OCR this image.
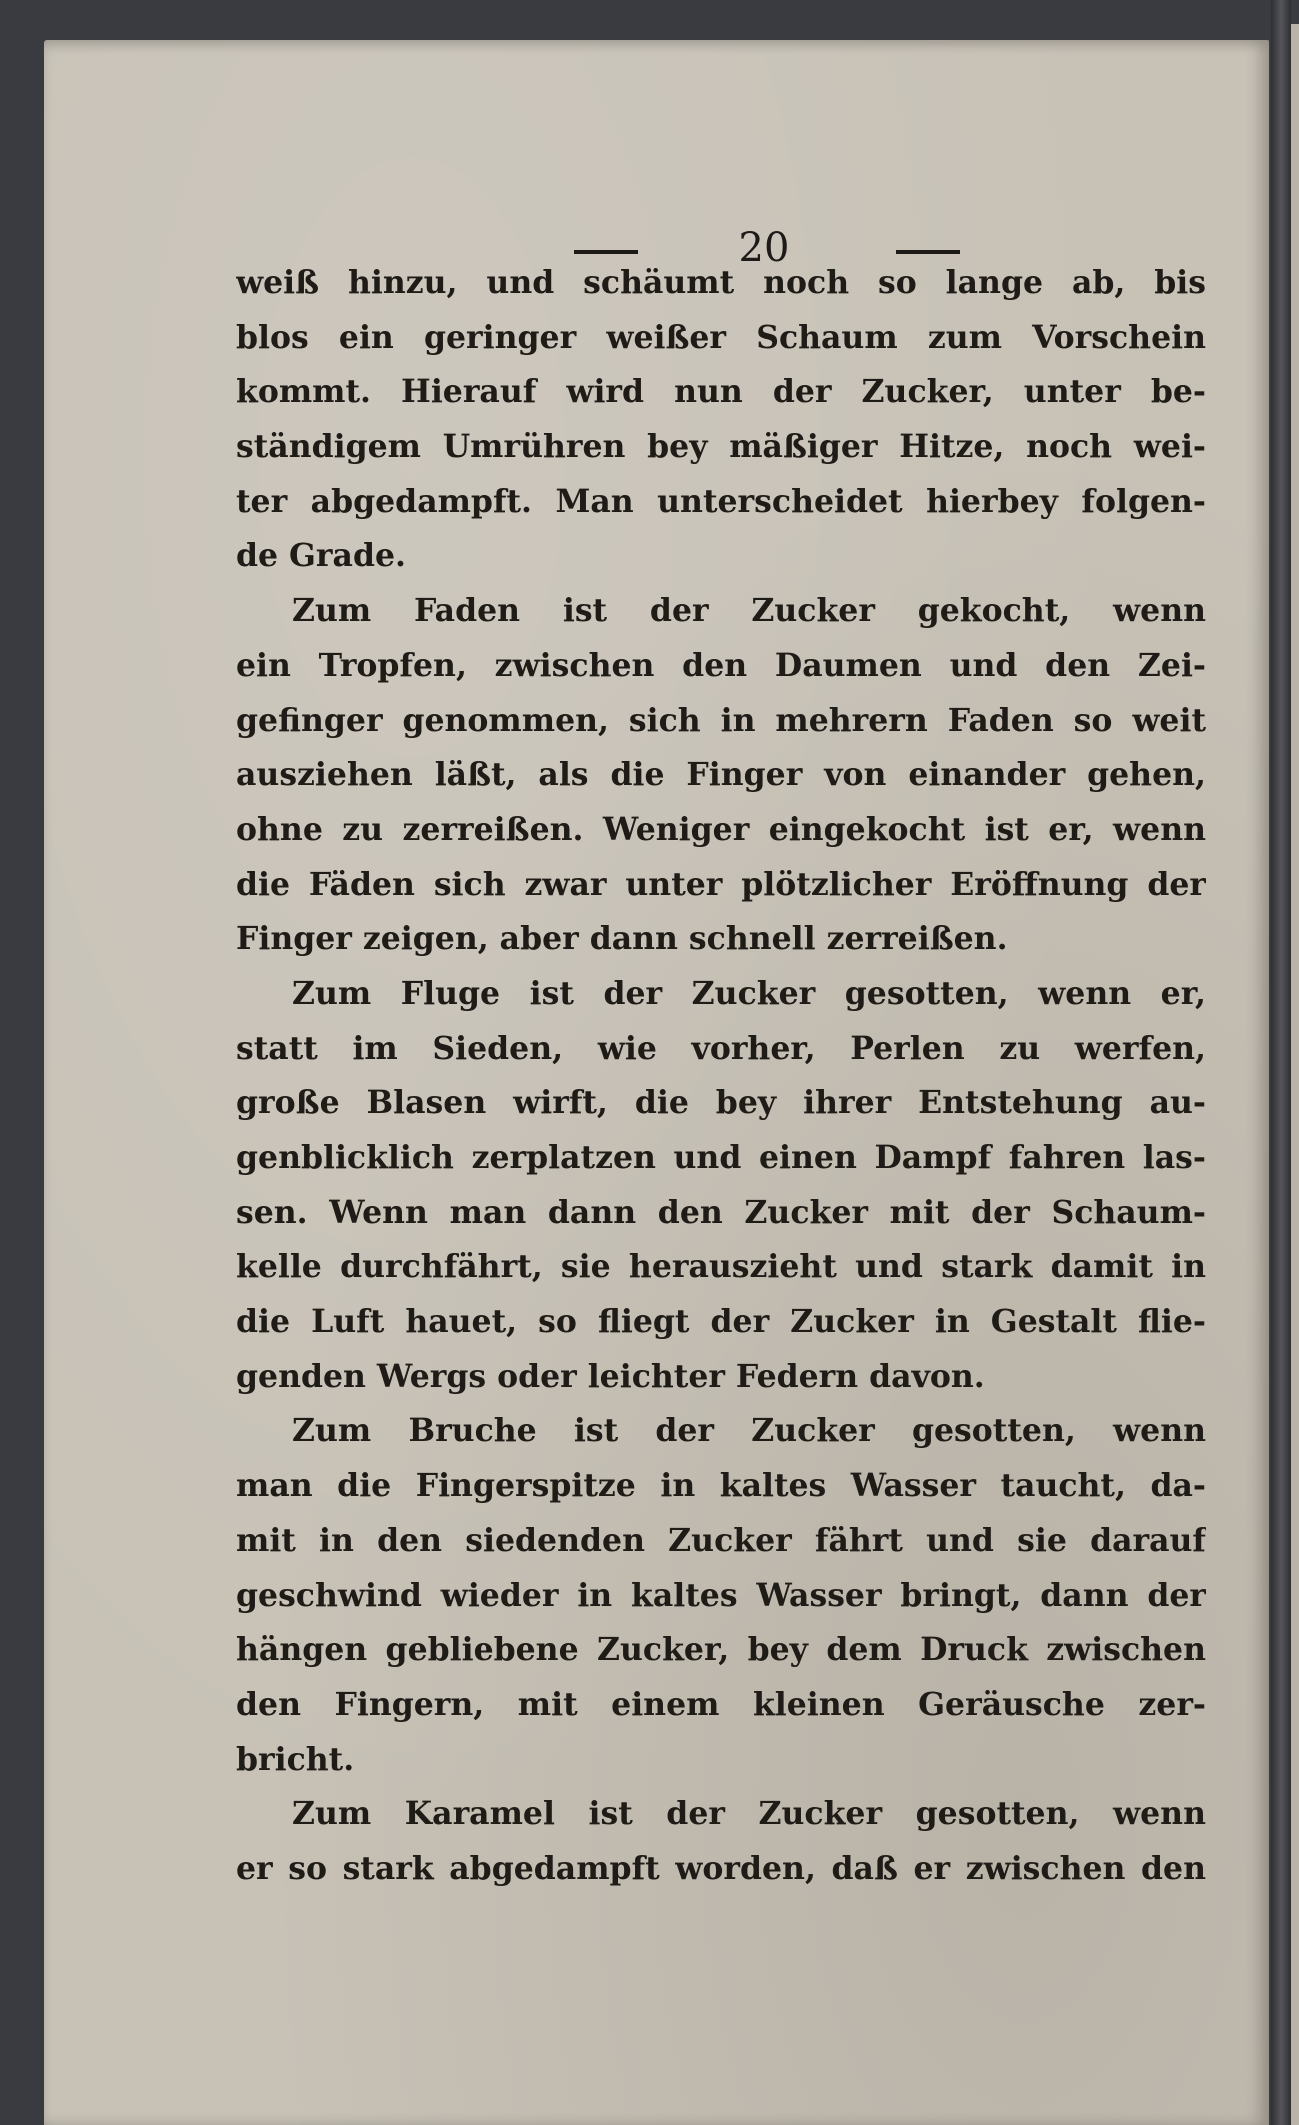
20
weiß hinzu, und schäumt noch so lange ab, bis
blos ein geringer weißer Schaum zum Vorschein
kommt. Hierauf wird nun der Zucker, unter be-
ständigem Umrühren bey mäßiger Hitze, noch wei-
ter abgedampft. Man unterscheidet hierbey folgen-
de Grade.
Zum Faden ist der Zucker gekocht, wenn
ein Tropfen, zwischen den Daumen und den Zei-
gefinger genommen, sich in mehrern Faden so weit
ausziehen läßt, als die Finger von einander gehen,
ohne zu zerreißen. Weniger eingekocht ist er, wenn
die Fäden sich zwar unter plötzlicher Eröffnung der
Finger zeigen, aber dann schnell zerreißen.
Zum Fluge ist der Zucker gesotten, wenn er,
statt im Sieden, wie vorher, Perlen zu werfen,
große Blasen wirft, die bey ihrer Entstehung au-
genblicklich zerplatzen und einen Dampf fahren las-
sen. Wenn man dann den Zucker mit der Schaum-
kelle durchfährt, sie herauszieht und stark damit in
die Luft hauet, so fliegt der Zucker in Gestalt flie-
genden Wergs oder leichter Federn davon.
Zum Bruche ist der Zucker gesotten, wenn
man die Fingerspitze in kaltes Wasser taucht, da-
mit in den siedenden Zucker fährt und sie darauf
geschwind wieder in kaltes Wasser bringt, dann der
hängen gebliebene Zucker, bey dem Druck zwischen
den Fingern, mit einem kleinen Geräusche zer-
bricht.
Zum Karamel ist der Zucker gesotten, wenn
er so stark abgedampft worden, daß er zwischen den
